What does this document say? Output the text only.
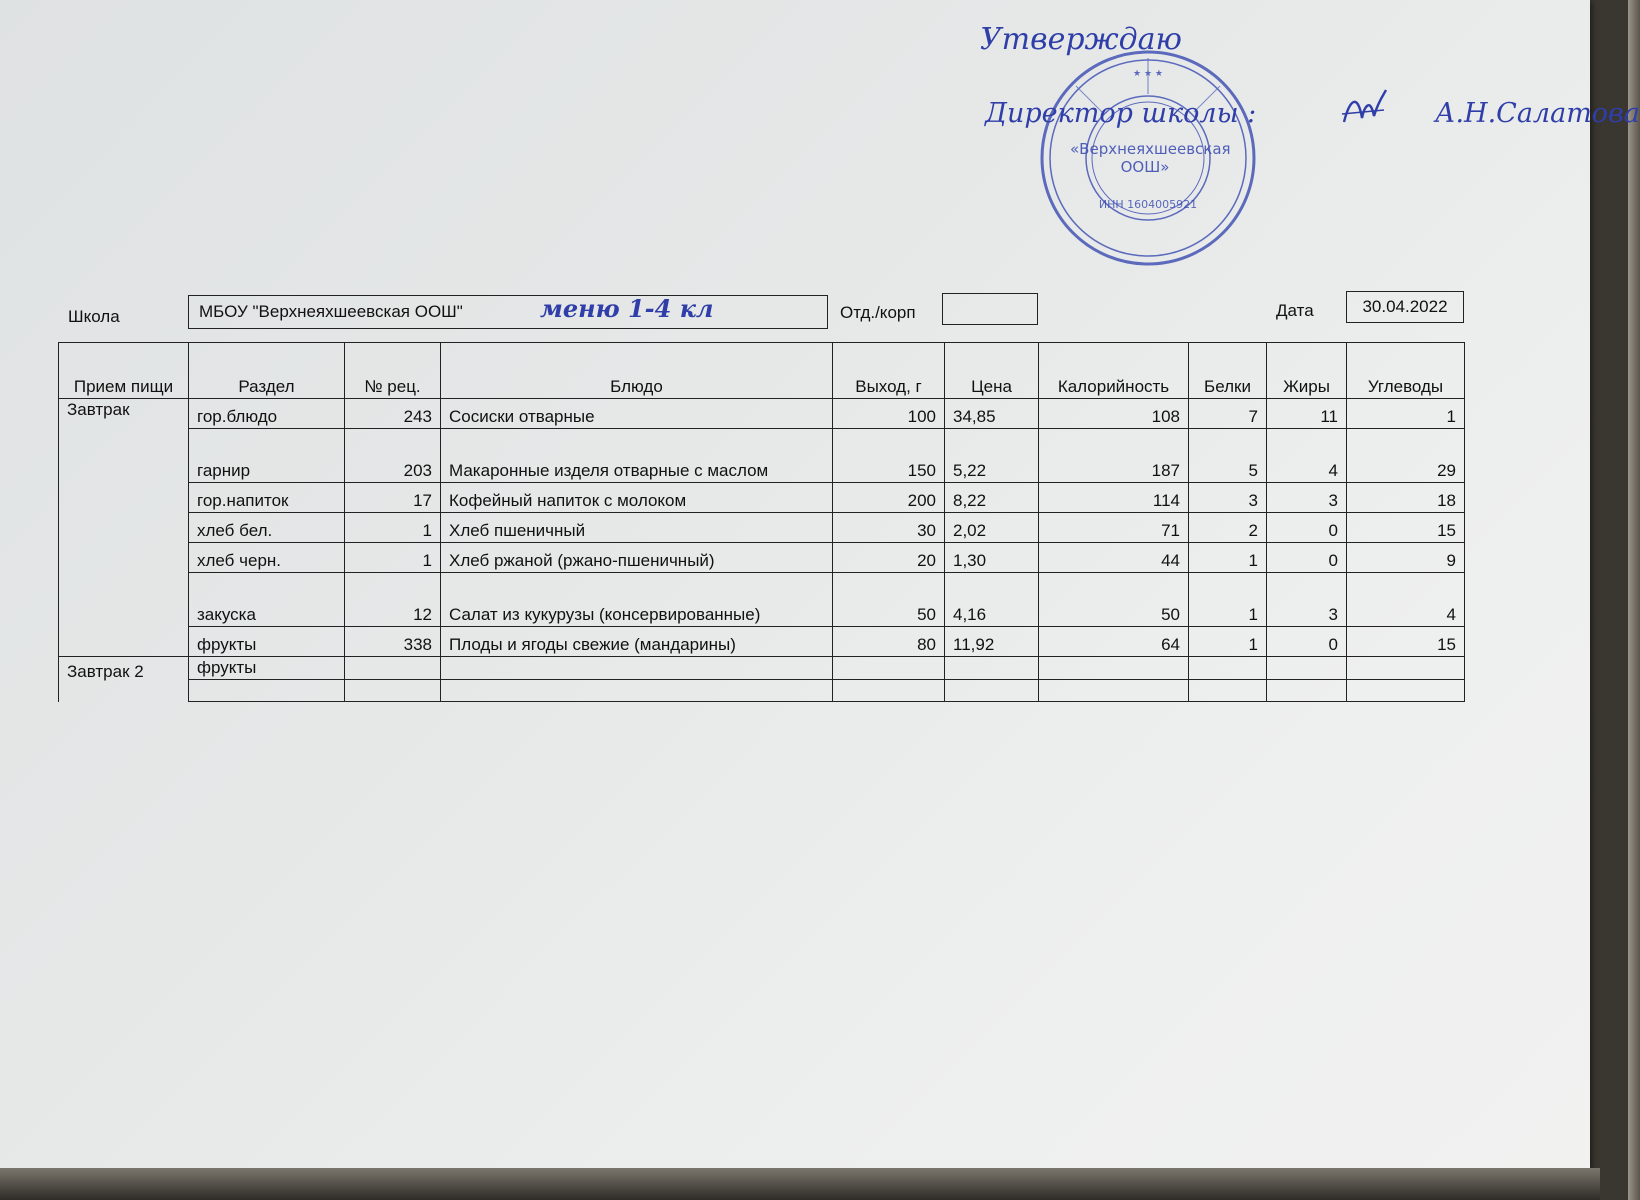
★ ★ ★
«Верхнеяхшеевская ООШ»
ИНН 1604005921
Утверждаю
Директор школы :	А.Н.Салатова
Школа	МБОУ "Верхнеяхшеевская ООШ"	меню 1-4 кл	Отд./корп	Дата	30.04.2022
Прием пищи	Раздел	№ рец.	Блюдо	Выход, г	Цена	Калорийность	Белки	Жиры	Углеводы
Завтрак	гор.блюдо	243	Сосиски отварные	100	34,85	108	7	11	1
	гарнир	203	Макаронные изделя отварные с маслом	150	5,22	187	5	4	29
	гор.напиток	17	Кофейный напиток с молоком	200	8,22	114	3	3	18
	хлеб бел.	1	Хлеб пшеничный	30	2,02	71	2	0	15
	хлеб черн.	1	Хлеб ржаной (ржано-пшеничный)	20	1,30	44	1	0	9
	закуска	12	Салат из кукурузы (консервированные)	50	4,16	50	1	3	4
	фрукты	338	Плоды и ягоды свежие (мандарины)	80	11,92	64	1	0	15
Завтрак 2	фрукты								
